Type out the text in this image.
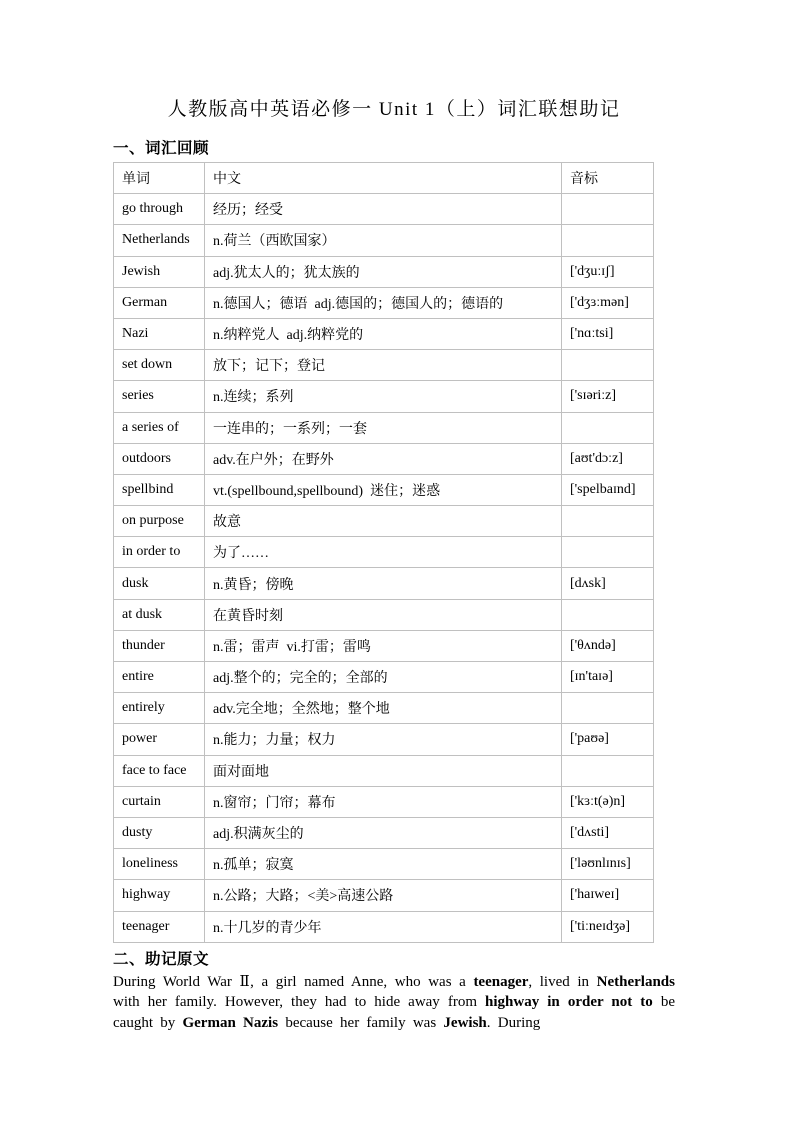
人教版高中英语必修一 Unit 1（上）词汇联想助记
一、词汇回顾
单词	中文	音标
go through	经历；经受	
Netherlands	n.荷兰（西欧国家）	
Jewish	adj.犹太人的；犹太族的	['dʒuːɪʃ]
German	n.德国人；德语  adj.德国的；德国人的；德语的	['dʒɜːmən]
Nazi	n.纳粹党人  adj.纳粹党的	['nɑːtsi]
set down	放下；记下；登记	
series	n.连续；系列	['sɪəriːz]
a series of	一连串的；一系列；一套	
outdoors	adv.在户外；在野外	[aʊt'dɔːz]
spellbind	vt.(spellbound,spellbound)  迷住；迷惑	['spelbaɪnd]
on purpose	故意	
in order to	为了……	
dusk	n.黄昏；傍晚	[dʌsk]
at dusk	在黄昏时刻	
thunder	n.雷；雷声  vi.打雷；雷鸣	['θʌndə]
entire	adj.整个的；完全的；全部的	[ɪn'taɪə]
entirely	adv.完全地；全然地；整个地	
power	n.能力；力量；权力	['paʊə]
face to face	面对面地	
curtain	n.窗帘；门帘；幕布	['kɜːt(ə)n]
dusty	adj.积满灰尘的	['dʌsti]
loneliness	n.孤单；寂寞	['ləʊnlɪnɪs]
highway	n.公路；大路；<美>高速公路	['haɪweɪ]
teenager	n.十几岁的青少年	['tiːneɪdʒə]
二、助记原文

During World War Ⅱ, a girl named Anne, who was a teenager, lived in Netherlands with her family. However, they had to hide away from highway in order not to be caught by German Nazis because her family was Jewish. During
